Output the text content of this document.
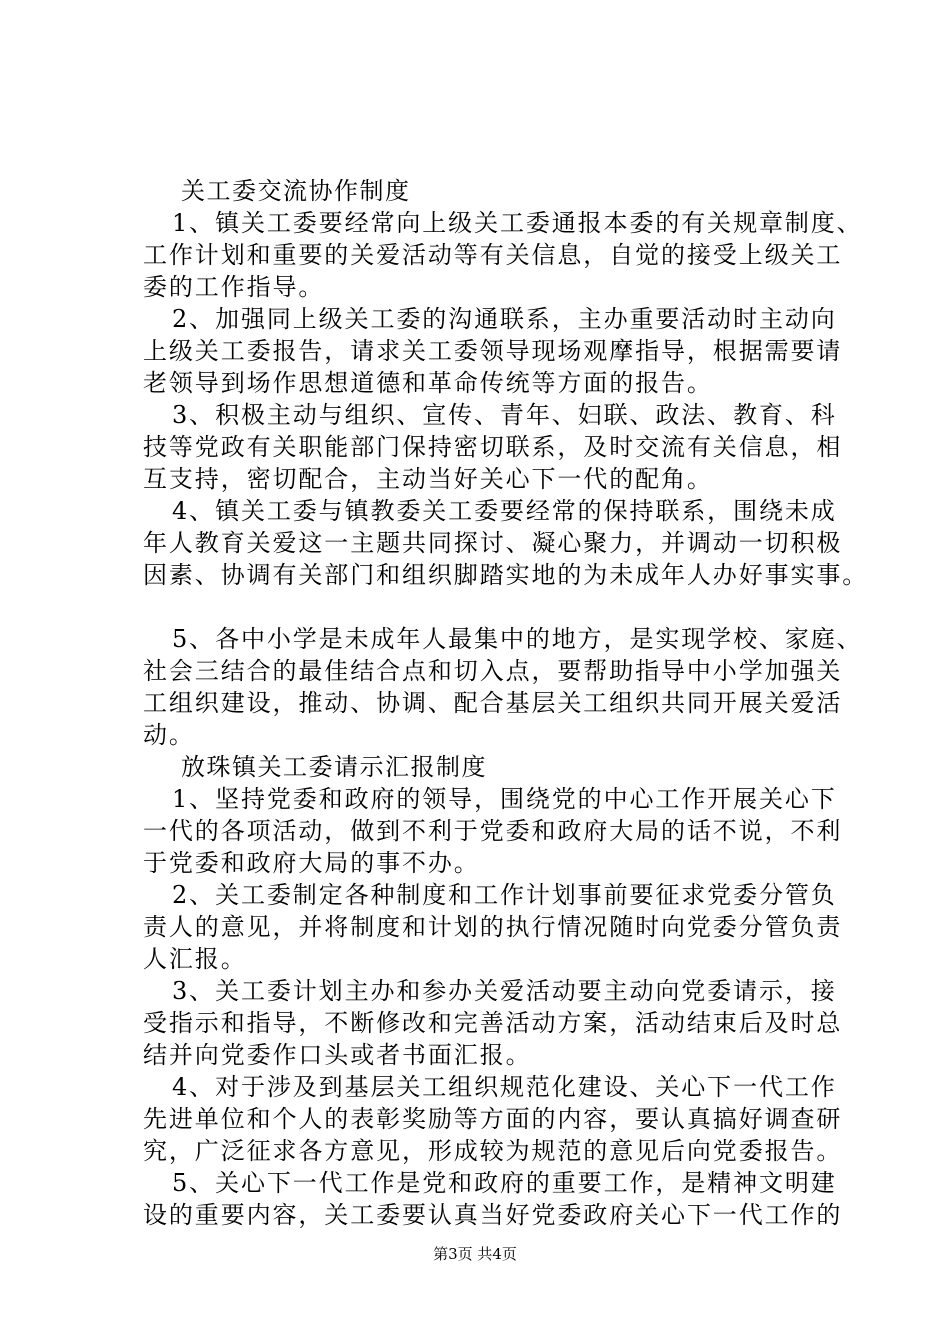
关工委交流协作制度
1、镇关工委要经常向上级关工委通报本委的有关规章制度、
工作计划和重要的关爱活动等有关信息，自觉的接受上级关工
委的工作指导。
2、加强同上级关工委的沟通联系，主办重要活动时主动向
上级关工委报告，请求关工委领导现场观摩指导，根据需要请
老领导到场作思想道德和革命传统等方面的报告。
3、积极主动与组织、宣传、青年、妇联、政法、教育、科
技等党政有关职能部门保持密切联系，及时交流有关信息，相
互支持，密切配合，主动当好关心下一代的配角。
4、镇关工委与镇教委关工委要经常的保持联系，围绕未成
年人教育关爱这一主题共同探讨、凝心聚力，并调动一切积极
因素、协调有关部门和组织脚踏实地的为未成年人办好事实事。
5、各中小学是未成年人最集中的地方，是实现学校、家庭、
社会三结合的最佳结合点和切入点，要帮助指导中小学加强关
工组织建设，推动、协调、配合基层关工组织共同开展关爱活
动。
放珠镇关工委请示汇报制度
1、坚持党委和政府的领导，围绕党的中心工作开展关心下
一代的各项活动，做到不利于党委和政府大局的话不说，不利
于党委和政府大局的事不办。
2、关工委制定各种制度和工作计划事前要征求党委分管负
责人的意见，并将制度和计划的执行情况随时向党委分管负责
人汇报。
3、关工委计划主办和参办关爱活动要主动向党委请示，接
受指示和指导，不断修改和完善活动方案，活动结束后及时总
结并向党委作口头或者书面汇报。
4、对于涉及到基层关工组织规范化建设、关心下一代工作
先进单位和个人的表彰奖励等方面的内容，要认真搞好调查研
究，广泛征求各方意见，形成较为规范的意见后向党委报告。
5、关心下一代工作是党和政府的重要工作，是精神文明建
设的重要内容，关工委要认真当好党委政府关心下一代工作的
第3页 共4页
